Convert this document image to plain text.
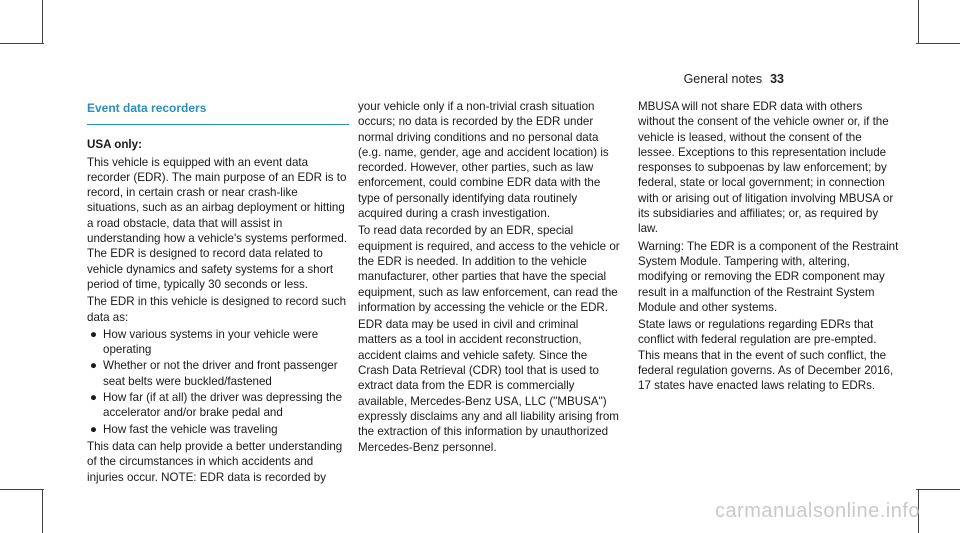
General notes 33

Event data recorders

USA only:

This vehicle is equipped with an event data recorder (EDR). The main purpose of an EDR is to record, in certain crash or near crash-like situations, such as an airbag deployment or hitting a road obstacle, data that will assist in understanding how a vehicle's systems performed. The EDR is designed to record data related to vehicle dynamics and safety systems for a short period of time, typically 30 seconds or less.

The EDR in this vehicle is designed to record such data as:

● How various systems in your vehicle were operating
● Whether or not the driver and front passenger seat belts were buckled/fastened
● How far (if at all) the driver was depressing the accelerator and/or brake pedal and
● How fast the vehicle was traveling

This data can help provide a better understanding of the circumstances in which accidents and injuries occur. NOTE: EDR data is recorded by

your vehicle only if a non-trivial crash situation occurs; no data is recorded by the EDR under normal driving conditions and no personal data (e.g. name, gender, age and accident location) is recorded. However, other parties, such as law enforcement, could combine EDR data with the type of personally identifying data routinely acquired during a crash investigation.

To read data recorded by an EDR, special equipment is required, and access to the vehicle or the EDR is needed. In addition to the vehicle manufacturer, other parties that have the special equipment, such as law enforcement, can read the information by accessing the vehicle or the EDR.

EDR data may be used in civil and criminal matters as a tool in accident reconstruction, accident claims and vehicle safety. Since the Crash Data Retrieval (CDR) tool that is used to extract data from the EDR is commercially available, Mercedes-Benz USA, LLC ("MBUSA") expressly disclaims any and all liability arising from the extraction of this information by unauthorized Mercedes-Benz personnel.

MBUSA will not share EDR data with others without the consent of the vehicle owner or, if the vehicle is leased, without the consent of the lessee. Exceptions to this representation include responses to subpoenas by law enforcement; by federal, state or local government; in connection with or arising out of litigation involving MBUSA or its subsidiaries and affiliates; or, as required by law.

Warning: The EDR is a component of the Restraint System Module. Tampering with, altering, modifying or removing the EDR component may result in a malfunction of the Restraint System Module and other systems.

State laws or regulations regarding EDRs that conflict with federal regulation are pre-empted. This means that in the event of such conflict, the federal regulation governs. As of December 2016, 17 states have enacted laws relating to EDRs.

carmanualsonline.info
